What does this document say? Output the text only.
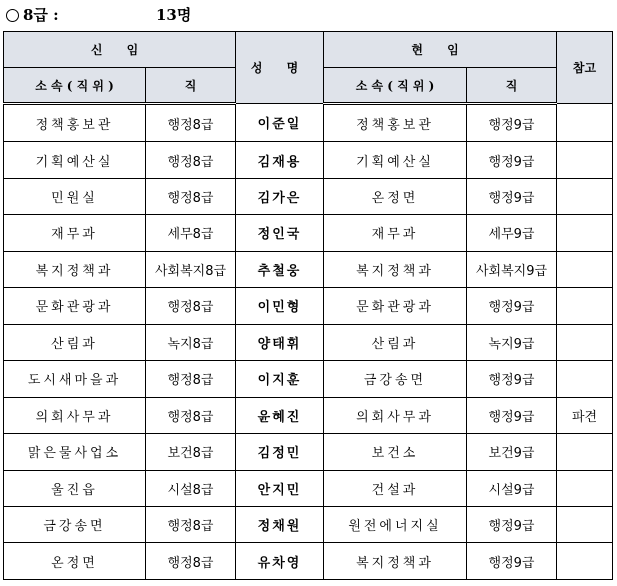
8급 :	13명
신 임		성 명	현 임		참고
소 속 ( 직 위 )	직		소 속 ( 직 위 )	직	
정책홍보관	행정8급	이준일	정책홍보관	행정9급	
기획예산실	행정8급	김재용	기획예산실	행정9급	
민원실	행정8급	김가은	온정면	행정9급	
재무과	세무8급	정인국	재무과	세무9급	
복지정책과	사회복지8급	추철웅	복지정책과	사회복지9급	
문화관광과	행정8급	이민형	문화관광과	행정9급	
산림과	녹지8급	양태휘	산림과	녹지9급	
도시새마을과	행정8급	이지훈	금강송면	행정9급	
의회사무과	행정8급	윤혜진	의회사무과	행정9급	파견
맑은물사업소	보건8급	김정민	보건소	보건9급	
울진읍	시설8급	안지민	건설과	시설9급	
금강송면	행정8급	정채원	원전에너지실	행정9급	
온정면	행정8급	유차영	복지정책과	행정9급	
